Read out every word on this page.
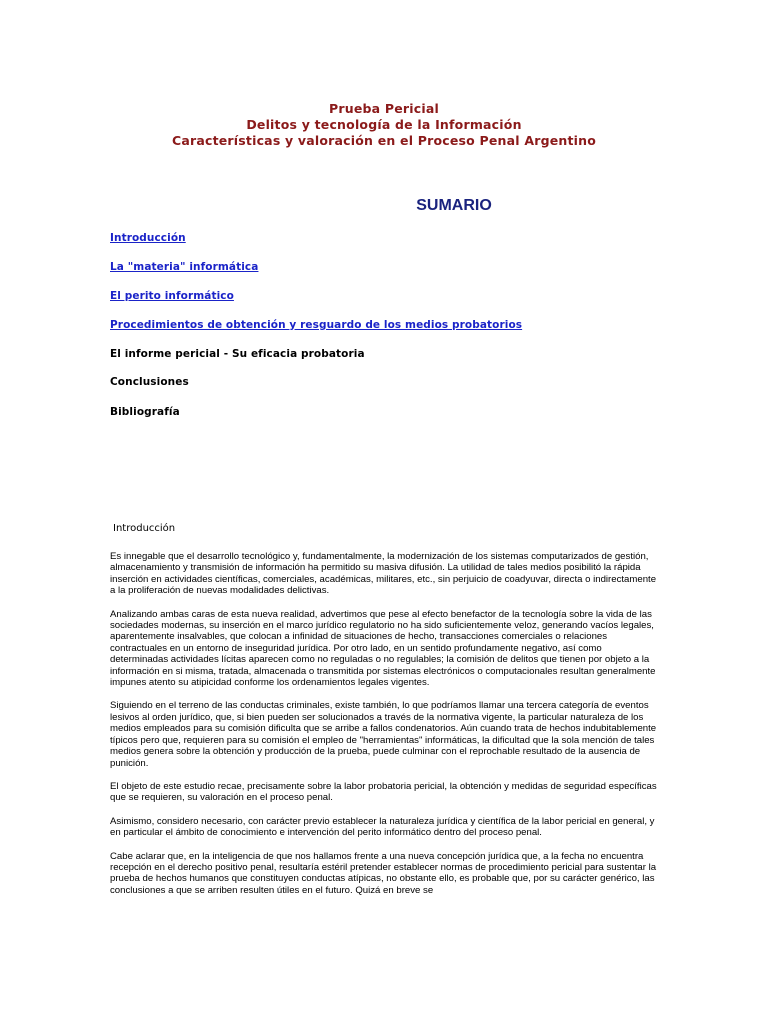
Prueba Pericial
Delitos y tecnología de la Información
Características y valoración en el Proceso Penal Argentino
SUMARIO
Introducción
La "materia" informática
El perito informático
Procedimientos de obtención y resguardo de los medios probatorios
El informe pericial - Su eficacia probatoria
Conclusiones
Bibliografía
Introducción

Es innegable que el desarrollo tecnológico y, fundamentalmente, la modernización de los sistemas computarizados de gestión, almacenamiento y transmisión de información ha permitido su masiva difusión. La utilidad de tales medios posibilitó la rápida inserción en actividades científicas, comerciales, académicas, militares, etc., sin perjuicio de coadyuvar, directa o indirectamente a la proliferación de nuevas modalidades delictivas.

Analizando ambas caras de esta nueva realidad, advertimos que pese al efecto benefactor de la tecnología sobre la vida de las sociedades modernas, su inserción en el marco jurídico regulatorio no ha sido suficientemente veloz, generando vacíos legales, aparentemente insalvables, que colocan a infinidad de situaciones de hecho, transacciones comerciales o relaciones contractuales en un entorno de inseguridad jurídica. Por otro lado, en un sentido profundamente negativo, así como determinadas actividades lícitas aparecen como no reguladas o no regulables; la comisión de delitos que tienen por objeto a la información en si misma, tratada, almacenada o transmitida por sistemas electrónicos o computacionales resultan generalmente impunes atento su atipicidad conforme los ordenamientos legales vigentes.

Siguiendo en el terreno de las conductas criminales, existe también, lo que podríamos llamar una tercera categoría de eventos lesivos al orden jurídico, que, si bien pueden ser solucionados a través de la normativa vigente, la particular naturaleza de los medios empleados para su comisión dificulta que se arribe a fallos condenatorios. Aún cuando trata de hechos indubitablemente típicos pero que, requieren para su comisión el empleo de "herramientas" informáticas, la dificultad que la sola mención de tales medios genera sobre la obtención y producción de la prueba, puede culminar con el reprochable resultado de la ausencia de punición.

El objeto de este estudio recae, precisamente sobre la labor probatoria pericial, la obtención y medidas de seguridad específicas que se requieren, su valoración en el proceso penal.

Asimismo, considero necesario, con carácter previo establecer la naturaleza jurídica y científica de la labor pericial en general, y en particular el ámbito de conocimiento e intervención del perito informático dentro del proceso penal.

Cabe aclarar que, en la inteligencia de que nos hallamos frente a una nueva concepción jurídica que, a la fecha no encuentra recepción en el derecho positivo penal, resultaría estéril pretender establecer normas de procedimiento pericial para sustentar la prueba de hechos humanos que constituyen conductas atípicas, no obstante ello, es probable que, por su carácter genérico, las conclusiones a que se arriben resulten útiles en el futuro. Quizá en breve se
